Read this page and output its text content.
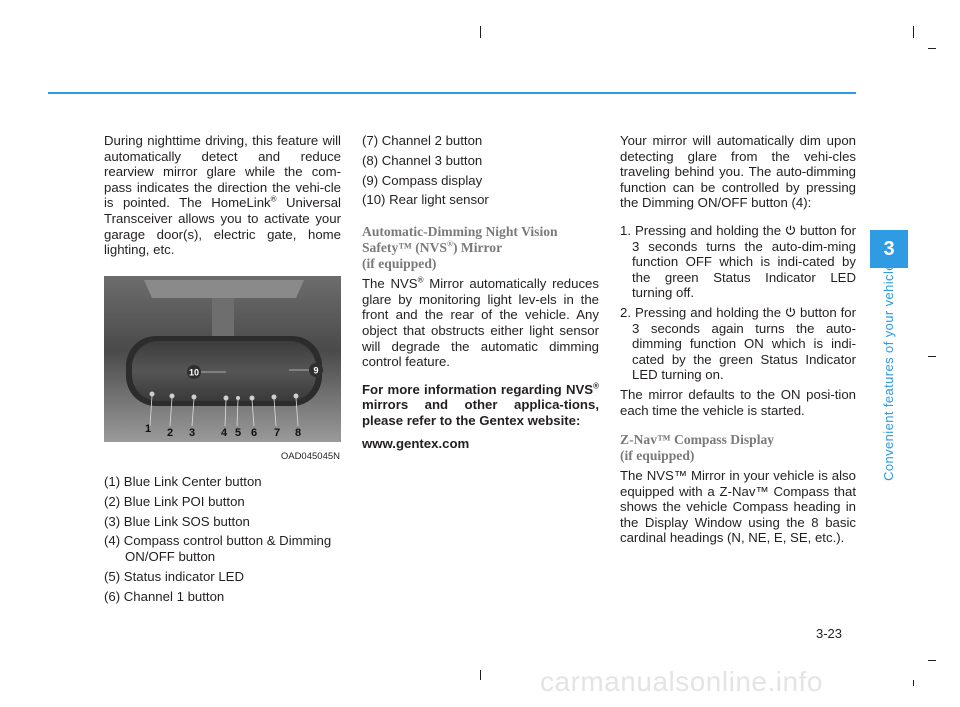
During nighttime driving, this feature will automatically detect and reduce rearview mirror glare while the com-pass indicates the direction the vehi-cle is pointed. The HomeLink® Universal Transceiver allows you to activate your garage door(s), electric gate, home lighting, etc.

10	9
1 2 3 4 5 6 7 8
OAD045045N

(1) Blue Link Center button

(2) Blue Link POI button

(3) Blue Link SOS button

(4) Compass control button & Dimming ON/OFF button

(5) Status indicator LED

(6) Channel 1 button

(7) Channel 2 button

(8) Channel 3 button

(9) Compass display

(10) Rear light sensor

Automatic-Dimming Night Vision
Safety™ (NVS®) Mirror
(if equipped)

The NVS® Mirror automatically reduces glare by monitoring light lev-els in the front and the rear of the vehicle. Any object that obstructs either light sensor will degrade the automatic dimming control feature.

For more information regarding NVS® mirrors and other applica-tions, please refer to the Gentex website:

www.gentex.com

Your mirror will automatically dim upon detecting glare from the vehi-cles traveling behind you. The auto-dimming function can be controlled by pressing the Dimming ON/OFF button (4):

1. Pressing and holding the button for 3 seconds turns the auto-dim-ming function OFF which is indi-cated by the green Status Indicator LED turning off.

2. Pressing and holding the button for 3 seconds again turns the auto-dimming function ON which is indi-cated by the green Status Indicator LED turning on.

The mirror defaults to the ON posi-tion each time the vehicle is started.

Z-Nav™ Compass Display
(if equipped)

The NVS™ Mirror in your vehicle is also equipped with a Z-Nav™ Compass that shows the vehicle Compass heading in the Display Window using the 8 basic cardinal headings (N, NE, E, SE, etc.).

3
Convenient features of your vehicle
3-23
carmanualsonline.info
